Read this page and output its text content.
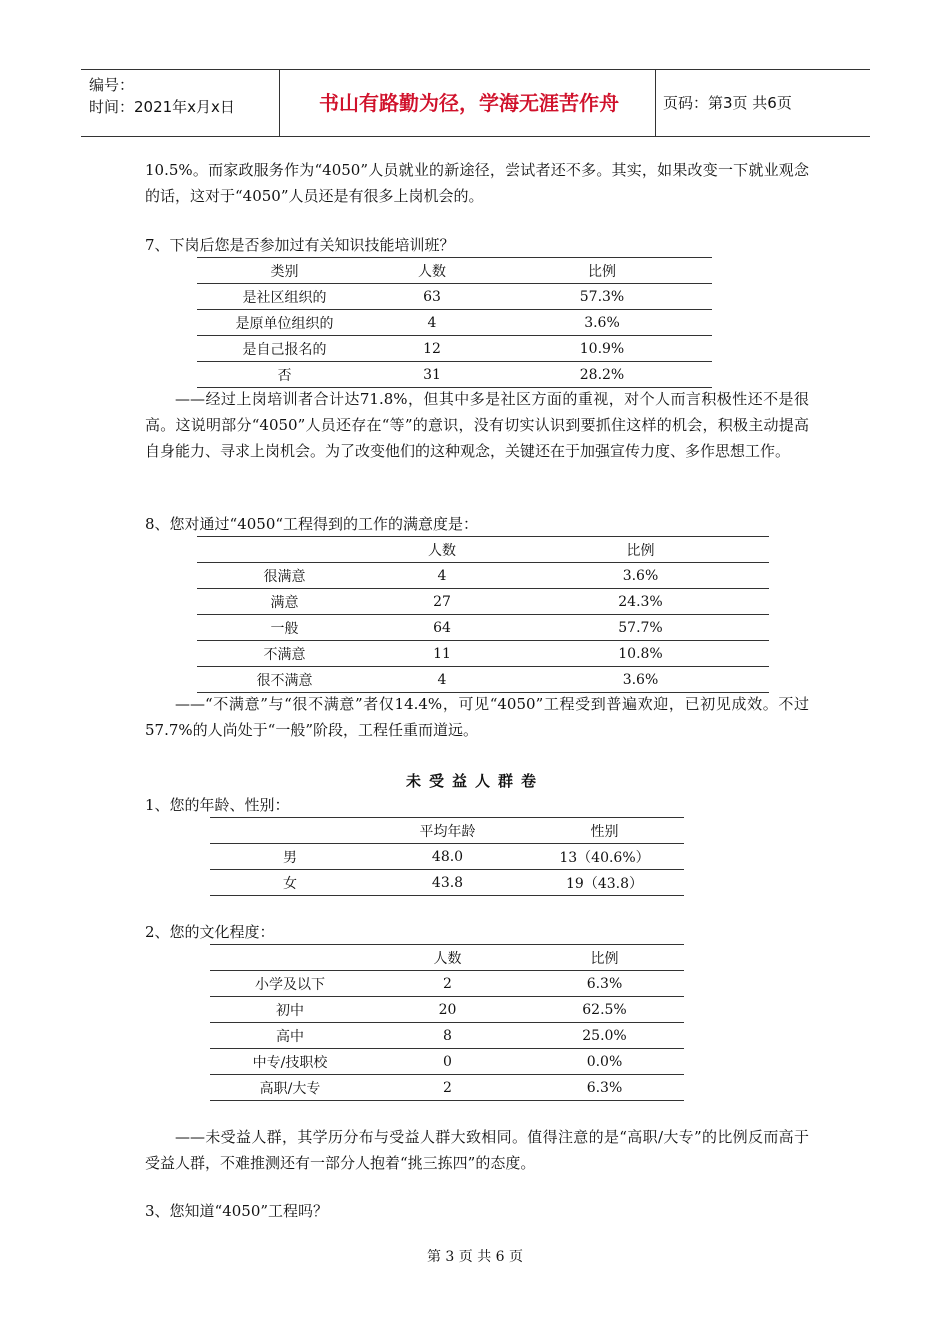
编号：
时间：2021年x月x日	书山有路勤为径，学海无涯苦作舟	页码：第3页 共6页
10.5%。而家政服务作为“4050”人员就业的新途径，尝试者还不多。其实，如果改变一下就业观念的话，这对于“4050”人员还是有很多上岗机会的。
7、下岗后您是否参加过有关知识技能培训班？
类别	人数	比例
是社区组织的	63	57.3%
是原单位组织的	4	3.6%
是自己报名的	12	10.9%
否	31	28.2%
——经过上岗培训者合计达71.8%，但其中多是社区方面的重视，对个人而言积极性还不是很高。这说明部分“4050”人员还存在“等”的意识，没有切实认识到要抓住这样的机会，积极主动提高自身能力、寻求上岗机会。为了改变他们的这种观念，关键还在于加强宣传力度、多作思想工作。
8、您对通过“4050“工程得到的工作的满意度是：
	人数	比例
很满意	4	3.6%
满意	27	24.3%
一般	64	57.7%
不满意	11	10.8%
很不满意	4	3.6%
——“不满意”与“很不满意”者仅14.4%，可见“4050”工程受到普遍欢迎，已初见成效。不过57.7%的人尚处于“一般”阶段，工程任重而道远。
未受益人群卷
1、您的年龄、性别：
	平均年龄	性别
男	48.0	13（40.6%）
女	43.8	19（43.8）
2、您的文化程度：
	人数	比例
小学及以下	2	6.3%
初中	20	62.5%
高中	8	25.0%
中专/技职校	0	0.0%
高职/大专	2	6.3%
——未受益人群，其学历分布与受益人群大致相同。值得注意的是“高职/大专”的比例反而高于受益人群，不难推测还有一部分人抱着“挑三拣四”的态度。
3、您知道“4050”工程吗？
第 3 页 共 6 页
